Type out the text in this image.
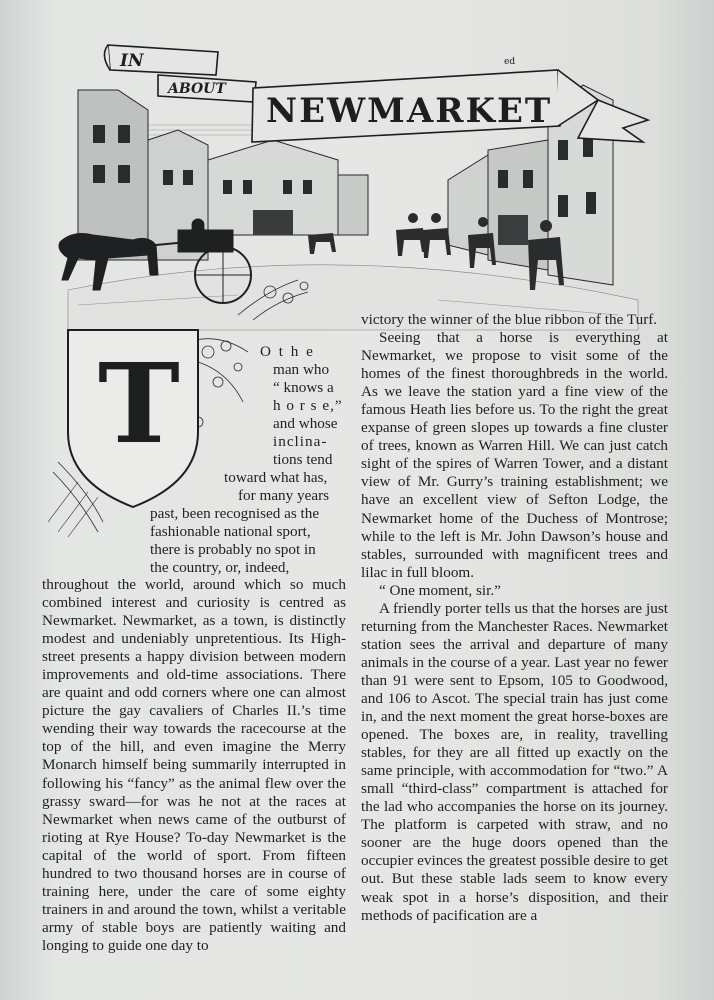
IN
ABOUT
NEWMARKET
ed
T	O t h e
man who
“ knows a
h o r s e,”
and whose
inclina-
tions tend
toward what has,
for many years
past, been recognised as the
fashionable national sport,
there is probably no spot in
the country, or, indeed,

throughout the world, around which so much combined interest and curiosity is centred as Newmarket. Newmarket, as a town, is distinctly modest and undeniably unpretentious. Its High-street presents a happy division between modern improvements and old-time associations. There are quaint and odd corners where one can almost picture the gay cavaliers of Charles II.’s time wending their way towards the racecourse at the top of the hill, and even imagine the Merry Monarch himself being summarily interrupted in following his “fancy” as the animal flew over the grassy sward—for was he not at the races at Newmarket when news came of the outburst of rioting at Rye House? To-day Newmarket is the capital of the world of sport. From fifteen hundred to two thousand horses are in course of training here, under the care of some eighty trainers in and around the town, whilst a veritable army of stable boys are patiently waiting and longing to guide one day to

victory the winner of the blue ribbon of the Turf.

Seeing that a horse is everything at Newmarket, we propose to visit some of the homes of the finest thoroughbreds in the world. As we leave the station yard a fine view of the famous Heath lies before us. To the right the great expanse of green slopes up towards a fine cluster of trees, known as Warren Hill. We can just catch sight of the spires of Warren Tower, and a distant view of Mr. Gurry’s training establishment; we have an excellent view of Sefton Lodge, the Newmarket home of the Duchess of Montrose; while to the left is Mr. John Dawson’s house and stables, surrounded with magnificent trees and lilac in full bloom.

“ One moment, sir.”

A friendly porter tells us that the horses are just returning from the Manchester Races. Newmarket station sees the arrival and departure of many animals in the course of a year. Last year no fewer than 91 were sent to Epsom, 105 to Goodwood, and 106 to Ascot. The special train has just come in, and the next moment the great horse-boxes are opened. The boxes are, in reality, travelling stables, for they are all fitted up exactly on the same principle, with accommodation for “two.” A small “third-class” compartment is attached for the lad who accompanies the horse on its journey. The platform is carpeted with straw, and no sooner are the huge doors opened than the occupier evinces the greatest possible desire to get out. But these stable lads seem to know every weak spot in a horse’s disposition, and their methods of pacification are a
